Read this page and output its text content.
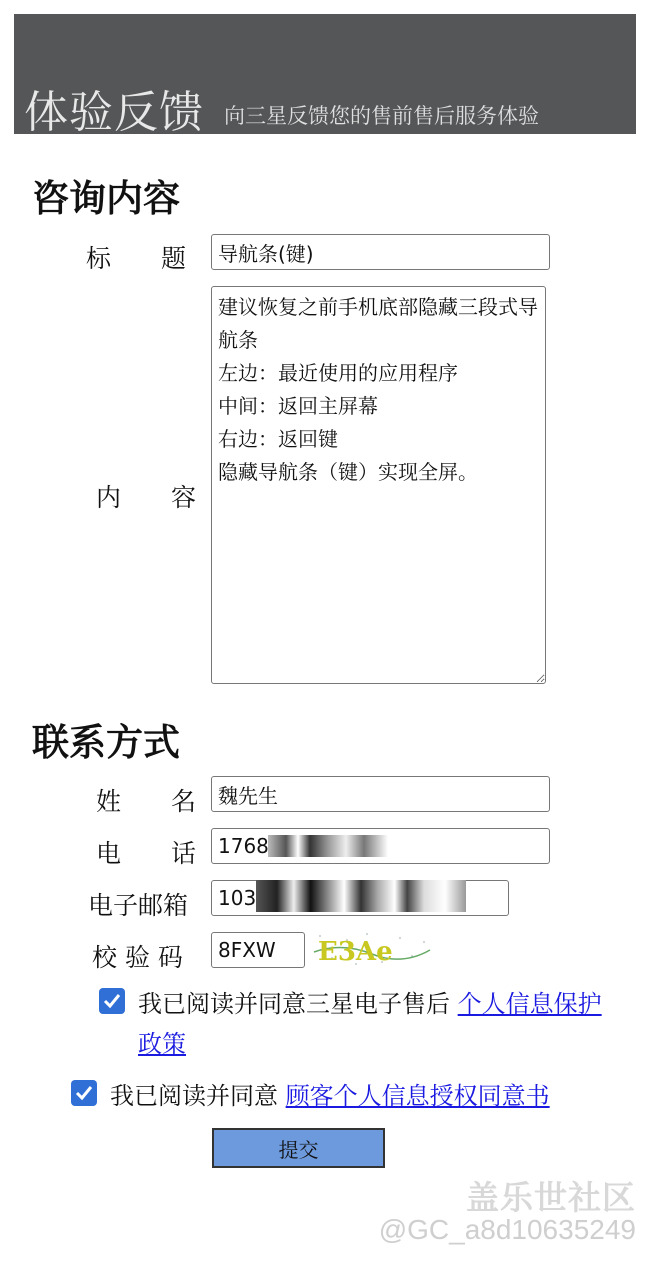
体验反馈 向三星反馈您的售前售后服务体验
咨询内容
标　　题
导航条(键)
内　　容
建议恢复之前手机底部隐藏三段式导航条 左边：最近使用的应用程序 中间：返回主屏幕 右边：返回键 隐藏导航条（键）实现全屏。
联系方式
姓　　名
魏先生
电　　话
1768
电子邮箱
103
校 验 码
8FXW	E3Ae
我已阅读并同意三星电子售后 个人信息保护政策
我已阅读并同意 顾客个人信息授权同意书
提交
盖乐世社区
@GC_a8d10635249
